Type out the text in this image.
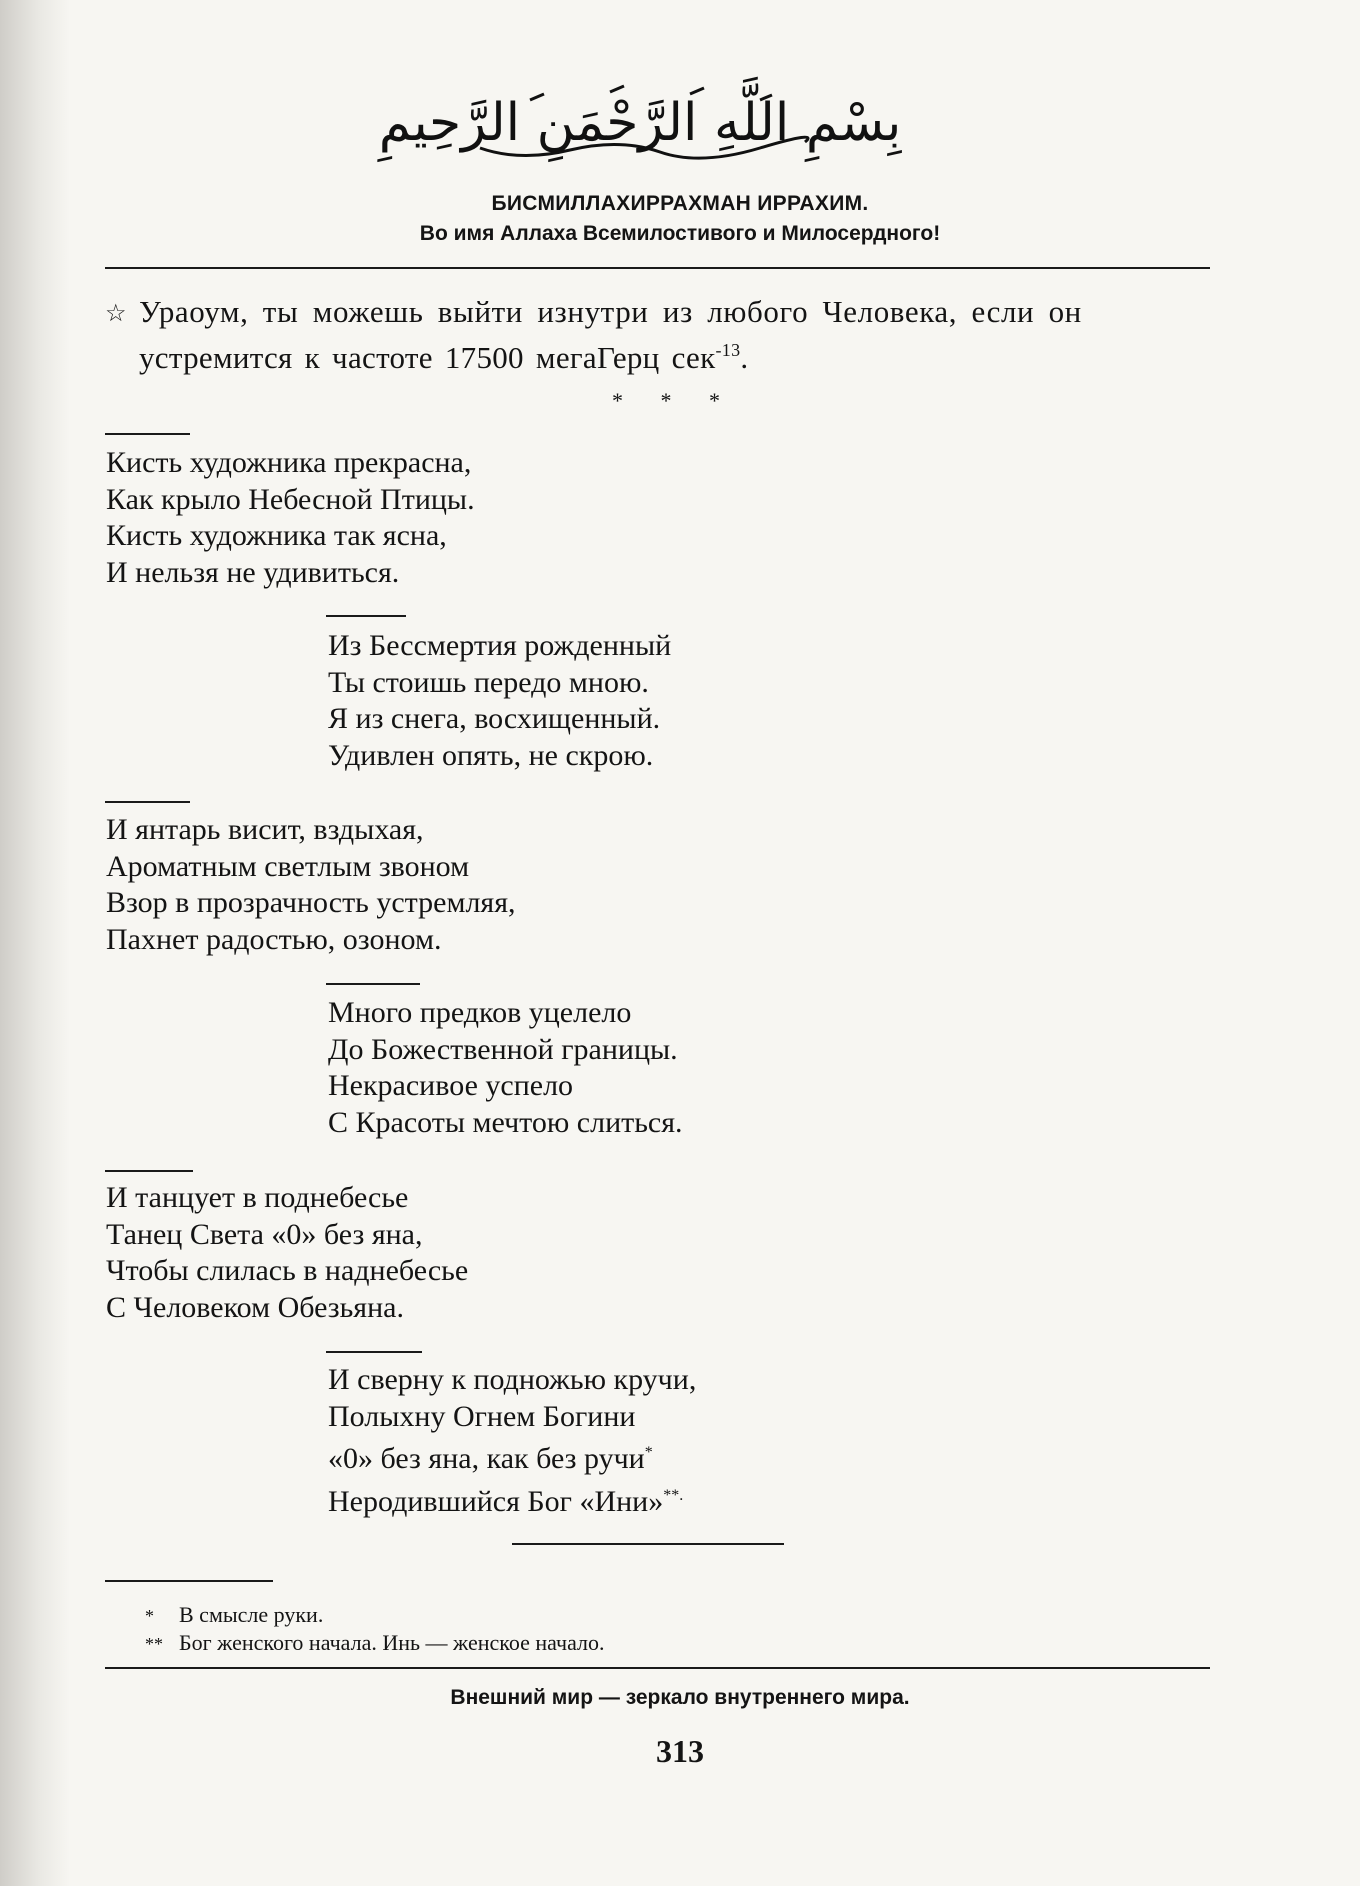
بِسْمِ اللَّهِ الرَّحْمَنِ الرَّحِيمِ
БИСМИЛЛАХИРРАХМАН ИРРАХИМ.
Во имя Аллаха Всемилостивого и Милосердного!
☆ Ураоум, ты можешь выйти изнутри из любого Человека, если он
устремится к частоте 17500 мегаГерц сек$^{-13}$.
* * *
Кисть художника прекрасна,
Как крыло Небесной Птицы.
Кисть художника так ясна,
И нельзя не удивиться.
Из Бессмертия рожденный
Ты стоишь передо мною.
Я из снега, восхищенный.
Удивлен опять, не скрою.
И янтарь висит, вздыхая,
Ароматным светлым звоном
Взор в прозрачность устремляя,
Пахнет радостью, озоном.
Много предков уцелело
До Божественной границы.
Некрасивое успело
С Красоты мечтою слиться.
И танцует в поднебесье
Танец Света «0» без яна,
Чтобы слилась в наднебесье
С Человеком Обезьяна.
И сверну к подножью кручи,
Полыхну Огнем Богини
«0» без яна, как без ручи*
Неродившийся Бог «Ини»**.
* В смысле руки.
** Бог женского начала. Инь — женское начало.
Внешний мир — зеркало внутреннего мира.
313
